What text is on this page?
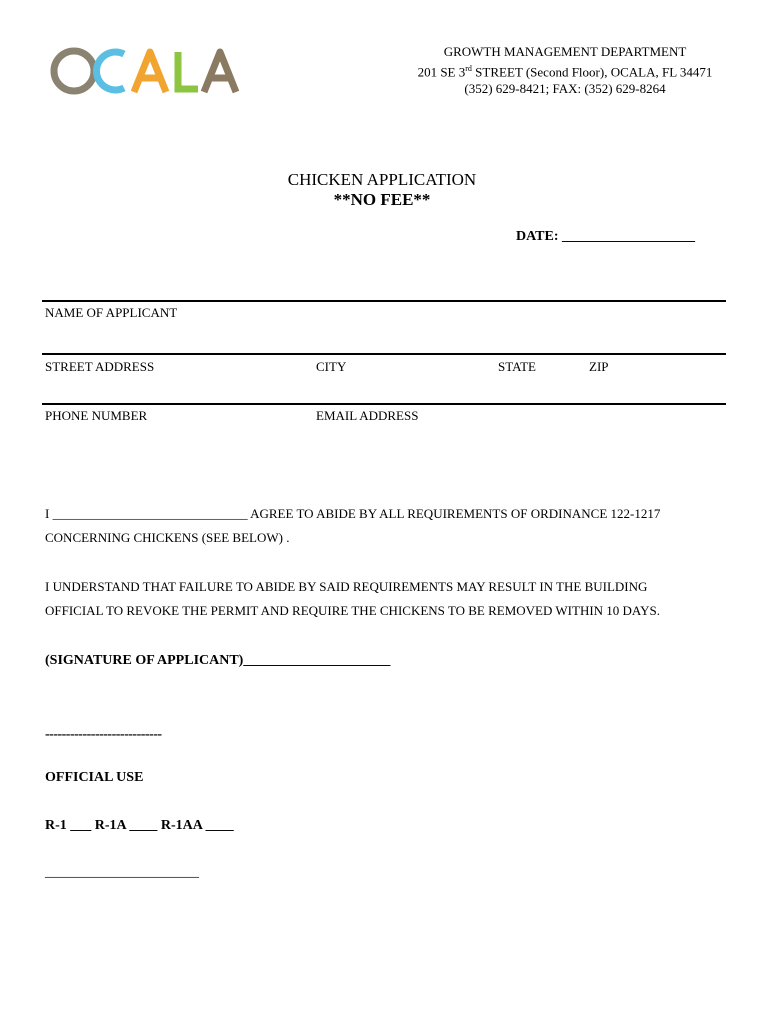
GROWTH MANAGEMENT DEPARTMENT
201 SE 3rd STREET (Second Floor), OCALA, FL 34471
(352) 629-8421; FAX: (352) 629-8264
CHICKEN APPLICATION
**NO FEE**
DATE: ___________________
NAME OF APPLICANT
STREET ADDRESS	CITY	STATE	ZIP
PHONE NUMBER	EMAIL ADDRESS
I ______________________________ AGREE TO ABIDE BY ALL REQUIREMENTS OF ORDINANCE 122-1217
CONCERNING CHICKENS (SEE BELOW) .
I UNDERSTAND THAT FAILURE TO ABIDE BY SAID REQUIREMENTS MAY RESULT IN THE BUILDING
OFFICIAL TO REVOKE THE PERMIT AND REQUIRE THE CHICKENS TO BE REMOVED WITHIN 10 DAYS.
(SIGNATURE OF APPLICANT)_____________________
----------------------------
OFFICIAL USE
R-1 ___ R-1A ____ R-1AA ____
______________________
